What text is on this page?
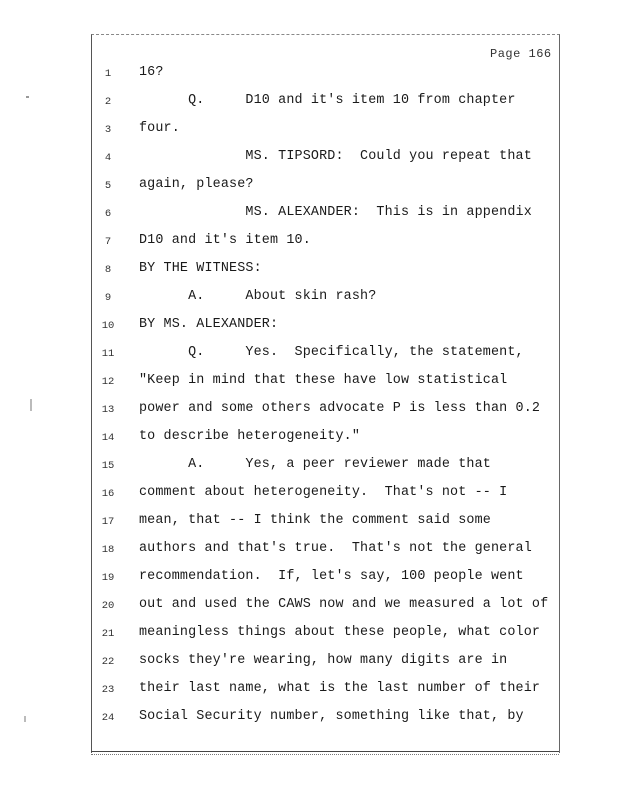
Page 166
1	16?
2	Q.     D10 and it's item 10 from chapter
3	four.
4	MS. TIPSORD:  Could you repeat that
5	again, please?
6	MS. ALEXANDER:  This is in appendix
7	D10 and it's item 10.
8	BY THE WITNESS:
9	A.     About skin rash?
10	BY MS. ALEXANDER:
11	Q.     Yes.  Specifically, the statement,
12	"Keep in mind that these have low statistical
13	power and some others advocate P is less than 0.2
14	to describe heterogeneity."
15	A.     Yes, a peer reviewer made that
16	comment about heterogeneity.  That's not -- I
17	mean, that -- I think the comment said some
18	authors and that's true.  That's not the general
19	recommendation.  If, let's say, 100 people went
20	out and used the CAWS now and we measured a lot of
21	meaningless things about these people, what color
22	socks they're wearing, how many digits are in
23	their last name, what is the last number of their
24	Social Security number, something like that, by
